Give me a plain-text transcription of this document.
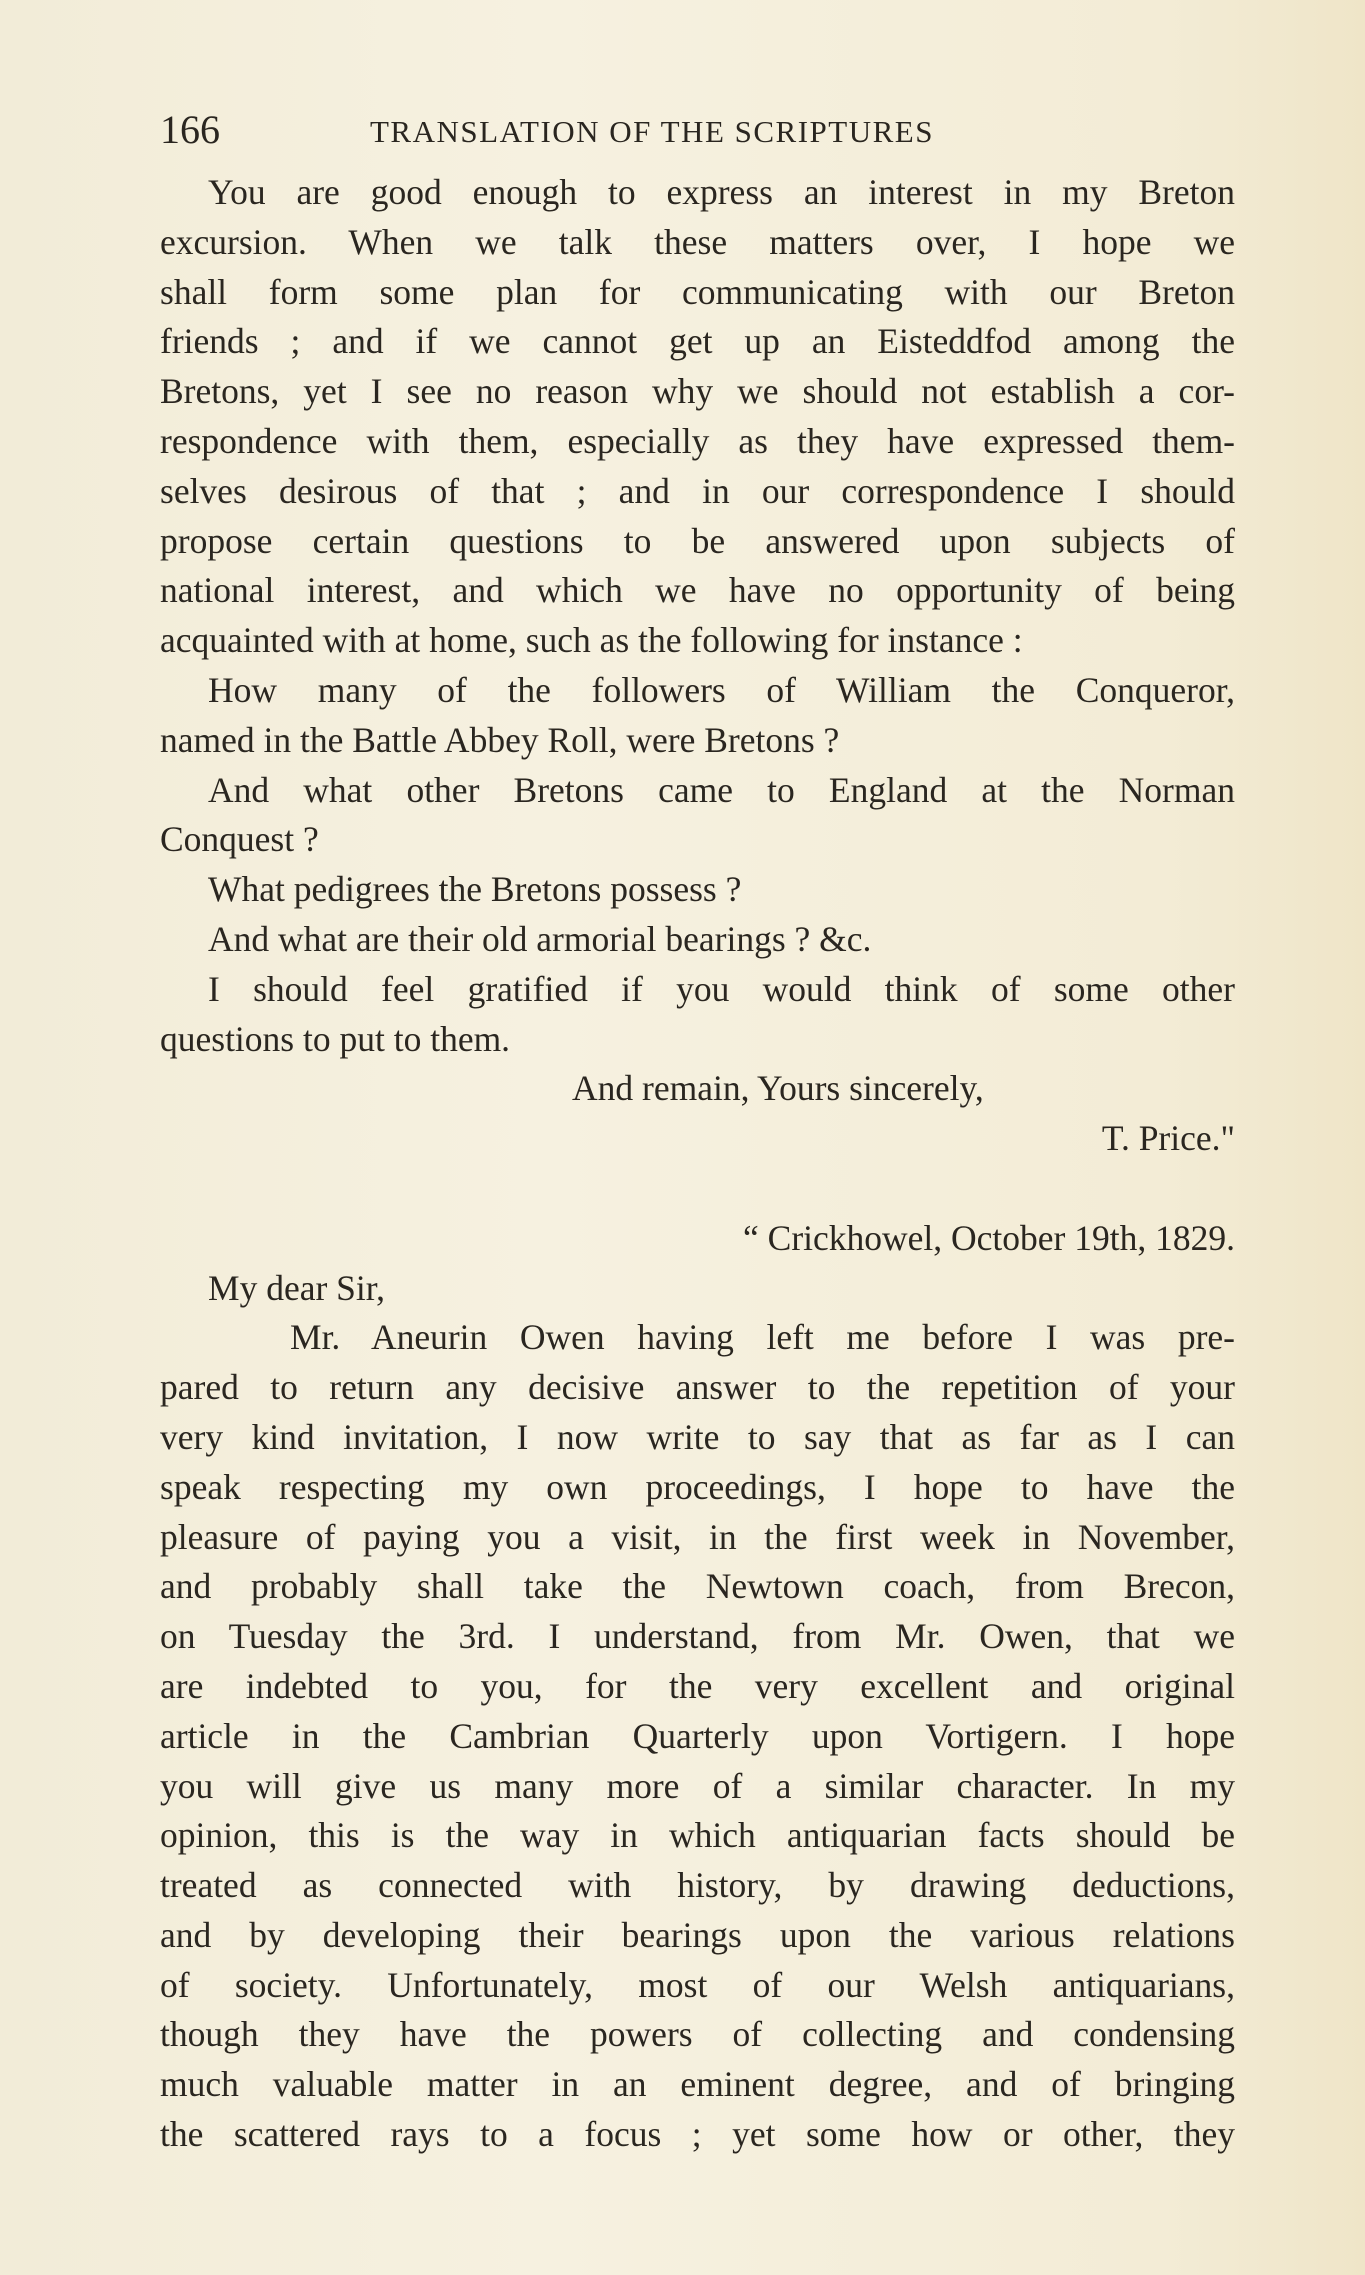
166	TRANSLATION OF THE SCRIPTURES
You are good enough to express an interest in my Breton
excursion. When we talk these matters over, I hope we
shall form some plan for communicating with our Breton
friends ; and if we cannot get up an Eisteddfod among the
Bretons, yet I see no reason why we should not establish a cor-
respondence with them, especially as they have expressed them-
selves desirous of that ; and in our correspondence I should
propose certain questions to be answered upon subjects of
national interest, and which we have no opportunity of being
acquainted with at home, such as the following for instance :
How many of the followers of William the Conqueror,
named in the Battle Abbey Roll, were Bretons ?
And what other Bretons came to England at the Norman
Conquest ?
What pedigrees the Bretons possess ?
And what are their old armorial bearings ? &c.
I should feel gratified if you would think of some other
questions to put to them.
And remain, Yours sincerely,
T. Price."
“ Crickhowel, October 19th, 1829.
My dear Sir,
Mr. Aneurin Owen having left me before I was pre-
pared to return any decisive answer to the repetition of your
very kind invitation, I now write to say that as far as I can
speak respecting my own proceedings, I hope to have the
pleasure of paying you a visit, in the first week in November,
and probably shall take the Newtown coach, from Brecon,
on Tuesday the 3rd. I understand, from Mr. Owen, that we
are indebted to you, for the very excellent and original
article in the Cambrian Quarterly upon Vortigern. I hope
you will give us many more of a similar character. In my
opinion, this is the way in which antiquarian facts should be
treated as connected with history, by drawing deductions,
and by developing their bearings upon the various relations
of society. Unfortunately, most of our Welsh antiquarians,
though they have the powers of collecting and condensing
much valuable matter in an eminent degree, and of bringing
the scattered rays to a focus ; yet some how or other, they
